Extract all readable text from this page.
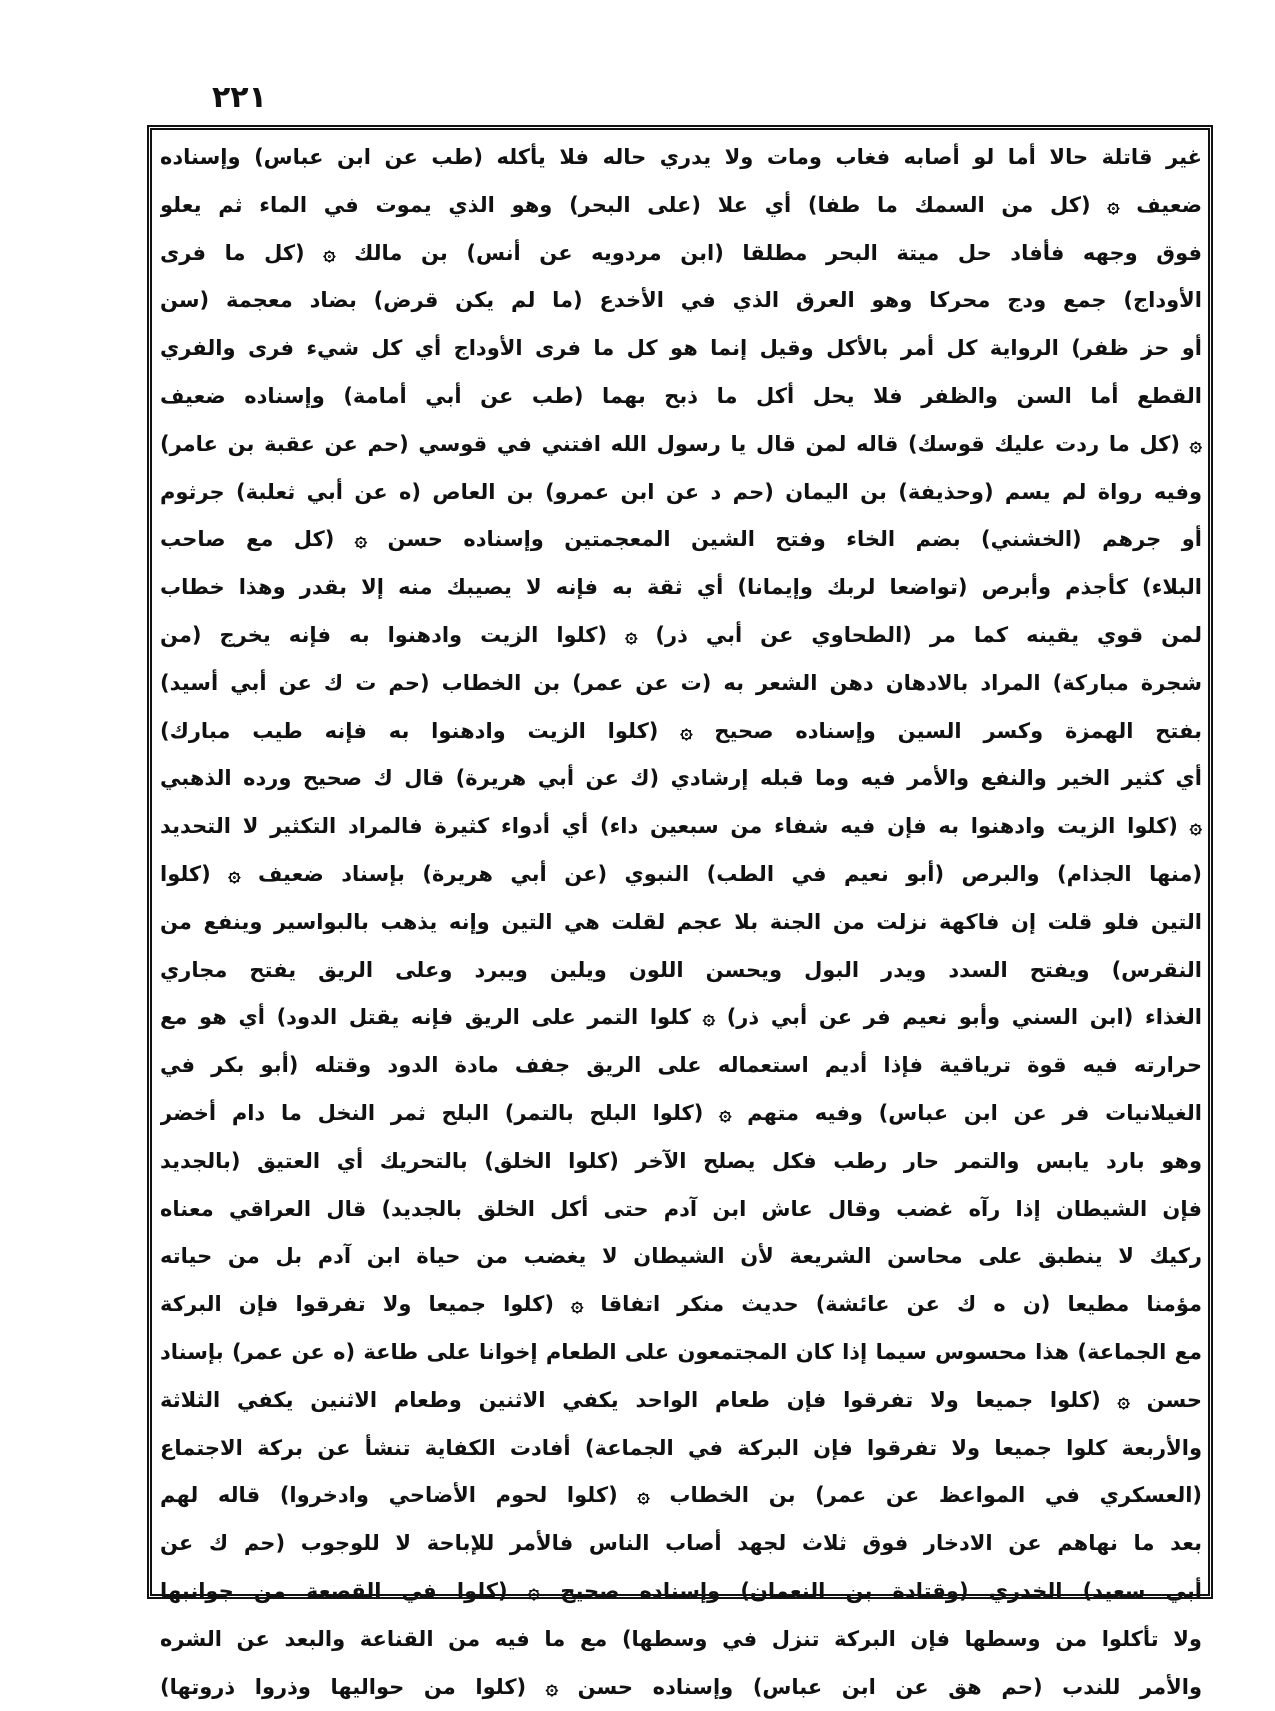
٢٢١
غير قاتلة حالا أما لو أصابه فغاب ومات ولا يدري حاله فلا يأكله (طب عن ابن عباس) وإسناده
ضعيف ۞ (كل من السمك ما طفا) أي علا (على البحر) وهو الذي يموت في الماء ثم يعلو
فوق وجهه فأفاد حل ميتة البحر مطلقا (ابن مردويه عن أنس) بن مالك ۞ (كل ما فرى
الأوداج) جمع ودج محركا وهو العرق الذي في الأخدع (ما لم يكن قرض) بضاد معجمة (سن
أو حز ظفر) الرواية كل أمر بالأكل وقيل إنما هو كل ما فرى الأوداج أي كل شيء فرى والفري
القطع أما السن والظفر فلا يحل أكل ما ذبح بهما (طب عن أبي أمامة) وإسناده ضعيف
۞ (كل ما ردت عليك قوسك) قاله لمن قال يا رسول الله افتني في قوسي (حم عن عقبة بن عامر)
وفيه رواة لم يسم (وحذيفة) بن اليمان (حم د عن ابن عمرو) بن العاص (ه عن أبي ثعلبة) جرثوم
أو جرهم (الخشني) بضم الخاء وفتح الشين المعجمتين وإسناده حسن ۞ (كل مع صاحب
البلاء) كأجذم وأبرص (تواضعا لربك وإيمانا) أي ثقة به فإنه لا يصيبك منه إلا بقدر وهذا خطاب
لمن قوي يقينه كما مر (الطحاوي عن أبي ذر) ۞ (كلوا الزيت وادهنوا به فإنه يخرج (من
شجرة مباركة) المراد بالادهان دهن الشعر به (ت عن عمر) بن الخطاب (حم ت ك عن أبي أسيد)
بفتح الهمزة وكسر السين وإسناده صحيح ۞ (كلوا الزيت وادهنوا به فإنه طيب مبارك)
أي كثير الخير والنفع والأمر فيه وما قبله إرشادي (ك عن أبي هريرة) قال ك صحيح ورده الذهبي
۞ (كلوا الزيت وادهنوا به فإن فيه شفاء من سبعين داء) أي أدواء كثيرة فالمراد التكثير لا التحديد
(منها الجذام) والبرص (أبو نعيم في الطب) النبوي (عن أبي هريرة) بإسناد ضعيف ۞ (كلوا
التين فلو قلت إن فاكهة نزلت من الجنة بلا عجم لقلت هي التين وإنه يذهب بالبواسير وينفع من
النقرس) ويفتح السدد ويدر البول ويحسن اللون ويلين ويبرد وعلى الريق يفتح مجاري
الغذاء (ابن السني وأبو نعيم فر عن أبي ذر) ۞ كلوا التمر على الريق فإنه يقتل الدود) أي هو مع
حرارته فيه قوة ترياقية فإذا أديم استعماله على الريق جفف مادة الدود وقتله (أبو بكر في
الغيلانيات فر عن ابن عباس) وفيه متهم ۞ (كلوا البلح بالتمر) البلح ثمر النخل ما دام أخضر
وهو بارد يابس والتمر حار رطب فكل يصلح الآخر (كلوا الخلق) بالتحريك أي العتيق (بالجديد
فإن الشيطان إذا رآه غضب وقال عاش ابن آدم حتى أكل الخلق بالجديد) قال العراقي معناه
ركيك لا ينطبق على محاسن الشريعة لأن الشيطان لا يغضب من حياة ابن آدم بل من حياته
مؤمنا مطيعا (ن ه ك عن عائشة) حديث منكر اتفاقا ۞ (كلوا جميعا ولا تفرقوا فإن البركة
مع الجماعة) هذا محسوس سيما إذا كان المجتمعون على الطعام إخوانا على طاعة (ه عن عمر) بإسناد
حسن ۞ (كلوا جميعا ولا تفرقوا فإن طعام الواحد يكفي الاثنين وطعام الاثنين يكفي الثلاثة
والأربعة كلوا جميعا ولا تفرقوا فإن البركة في الجماعة) أفادت الكفاية تنشأ عن بركة الاجتماع
(العسكري في المواعظ عن عمر) بن الخطاب ۞ (كلوا لحوم الأضاحي وادخروا) قاله لهم
بعد ما نهاهم عن الادخار فوق ثلاث لجهد أصاب الناس فالأمر للإباحة لا للوجوب (حم ك عن
أبي سعيد) الخدري (وقتادة بن النعمان) وإسناده صحيح ۞ (كلوا في القصعة من جوانبها
ولا تأكلوا من وسطها فإن البركة تنزل في وسطها) مع ما فيه من القناعة والبعد عن الشره
والأمر للندب (حم هق عن ابن عباس) وإسناده حسن ۞ (كلوا من حواليها وذروا ذروتها)
